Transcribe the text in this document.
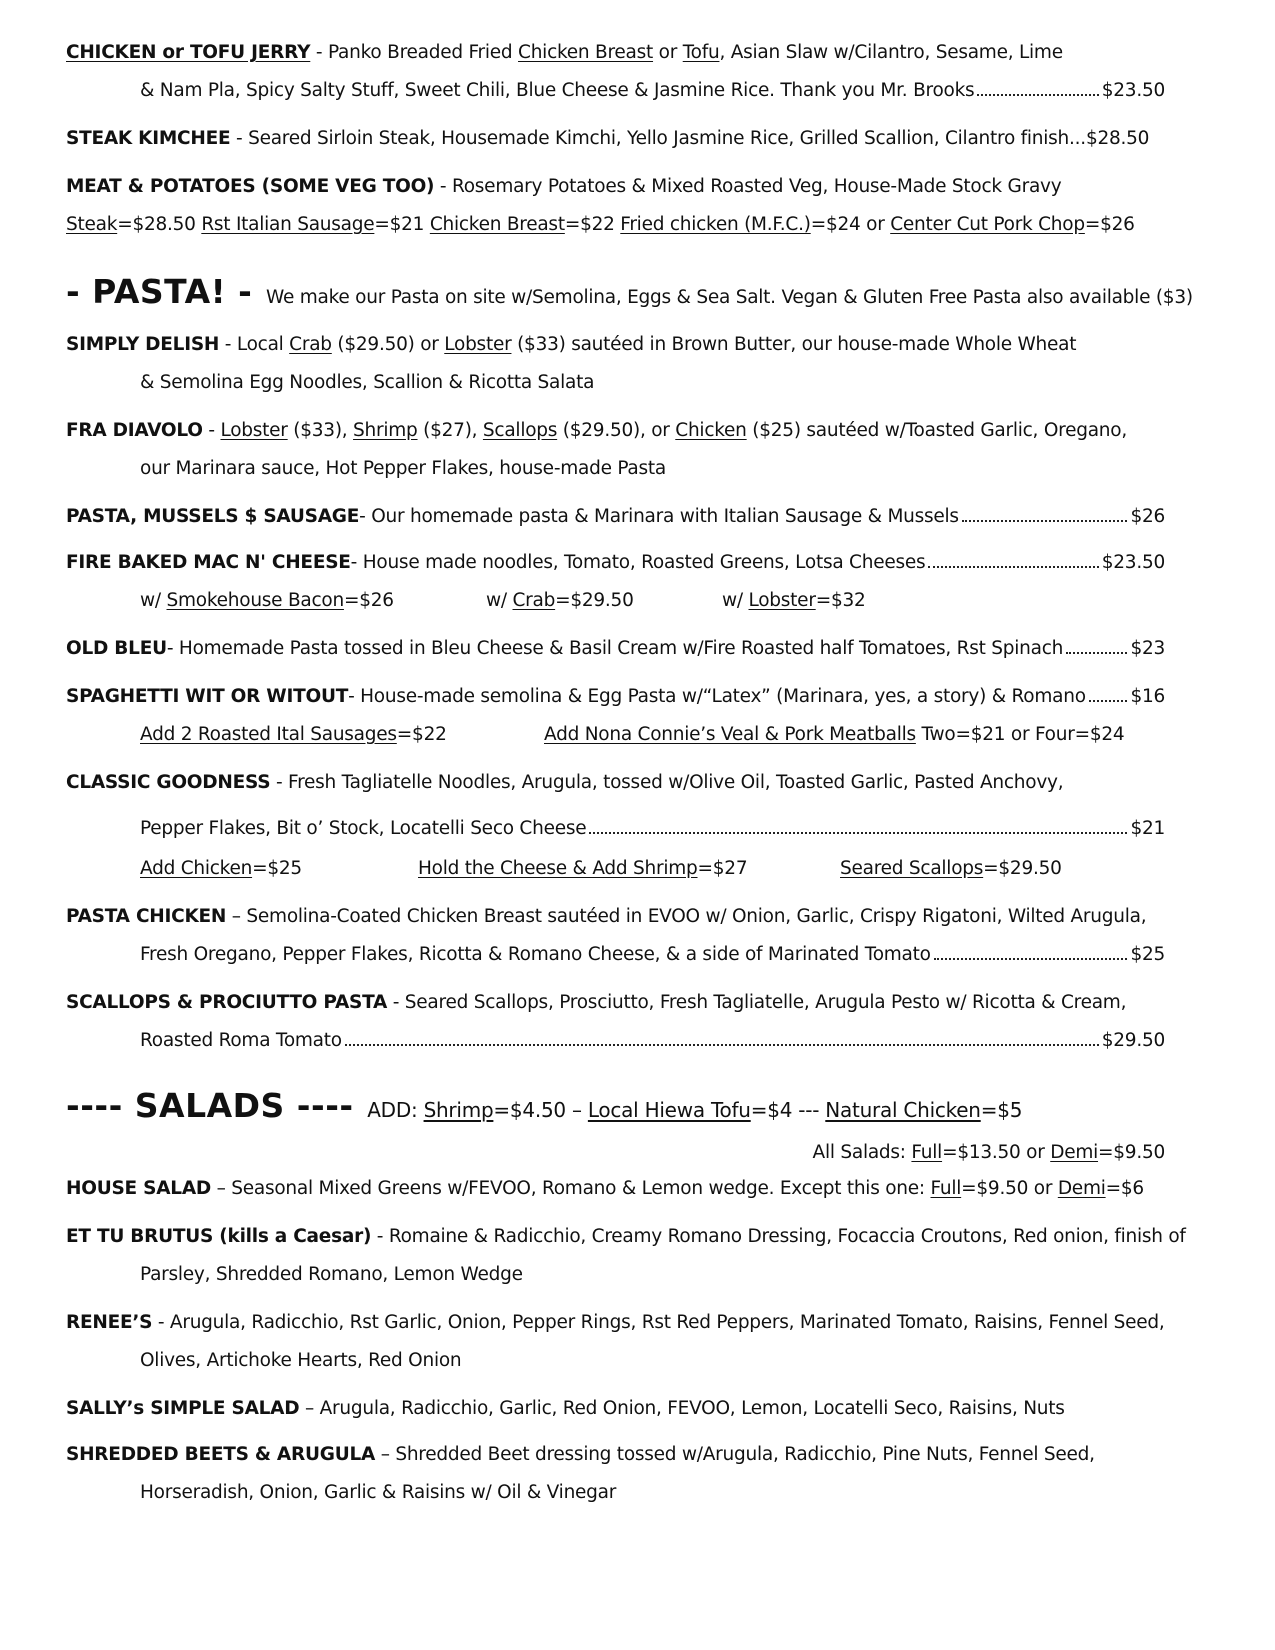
CHICKEN or TOFU JERRY - Panko Breaded Fried Chicken Breast or Tofu, Asian Slaw w/Cilantro, Sesame, Lime
& Nam Pla, Spicy Salty Stuff, Sweet Chili, Blue Cheese & Jasmine Rice. Thank you Mr. Brooks	$23.50
STEAK KIMCHEE - Seared Sirloin Steak, Housemade Kimchi, Yello Jasmine Rice, Grilled Scallion, Cilantro finish...$28.50
MEAT & POTATOES (SOME VEG TOO) - Rosemary Potatoes & Mixed Roasted Veg, House-Made Stock Gravy
Steak=$28.50 Rst Italian Sausage=$21 Chicken Breast=$22 Fried chicken (M.F.C.)=$24 or Center Cut Pork Chop=$26
- PASTA! - We make our Pasta on site w/Semolina, Eggs & Sea Salt. Vegan & Gluten Free Pasta also available ($3)
SIMPLY DELISH - Local Crab ($29.50) or Lobster ($33) sautéed in Brown Butter, our house-made Whole Wheat
& Semolina Egg Noodles, Scallion & Ricotta Salata
FRA DIAVOLO - Lobster ($33), Shrimp ($27), Scallops ($29.50), or Chicken ($25) sautéed w/Toasted Garlic, Oregano,
our Marinara sauce, Hot Pepper Flakes, house-made Pasta
PASTA, MUSSELS $ SAUSAGE - Our homemade pasta & Marinara with Italian Sausage & Mussels	$26
FIRE BAKED MAC N' CHEESE - House made noodles, Tomato, Roasted Greens, Lotsa Cheeses	$23.50
w/ Smokehouse Bacon=$26	w/ Crab=$29.50	w/ Lobster=$32
OLD BLEU - Homemade Pasta tossed in Bleu Cheese & Basil Cream w/Fire Roasted half Tomatoes, Rst Spinach	$23
SPAGHETTI WIT OR WITOUT - House-made semolina & Egg Pasta w/“Latex” (Marinara, yes, a story) & Romano $16
Add 2 Roasted Ital Sausages=$22	Add Nona Connie’s Veal & Pork Meatballs Two=$21 or Four=$24
CLASSIC GOODNESS - Fresh Tagliatelle Noodles, Arugula, tossed w/Olive Oil, Toasted Garlic, Pasted Anchovy,
Pepper Flakes, Bit o’ Stock, Locatelli Seco Cheese	$21
Add Chicken=$25	Hold the Cheese & Add Shrimp=$27	Seared Scallops=$29.50
PASTA CHICKEN – Semolina-Coated Chicken Breast sautéed in EVOO w/ Onion, Garlic, Crispy Rigatoni, Wilted Arugula,
Fresh Oregano, Pepper Flakes, Ricotta & Romano Cheese, & a side of Marinated Tomato	$25
SCALLOPS & PROCIUTTO PASTA - Seared Scallops, Prosciutto, Fresh Tagliatelle, Arugula Pesto w/ Ricotta & Cream,
Roasted Roma Tomato	$29.50
---- SALADS ---- ADD: Shrimp=$4.50 – Local Hiewa Tofu=$4 --- Natural Chicken=$5
All Salads: Full=$13.50 or Demi=$9.50
HOUSE SALAD – Seasonal Mixed Greens w/FEVOO, Romano & Lemon wedge. Except this one: Full=$9.50 or Demi=$6
ET TU BRUTUS (kills a Caesar) - Romaine & Radicchio, Creamy Romano Dressing, Focaccia Croutons, Red onion, finish of
Parsley, Shredded Romano, Lemon Wedge
RENEE’S - Arugula, Radicchio, Rst Garlic, Onion, Pepper Rings, Rst Red Peppers, Marinated Tomato, Raisins, Fennel Seed,
Olives, Artichoke Hearts, Red Onion
SALLY’s SIMPLE SALAD – Arugula, Radicchio, Garlic, Red Onion, FEVOO, Lemon, Locatelli Seco, Raisins, Nuts
SHREDDED BEETS & ARUGULA – Shredded Beet dressing tossed w/Arugula, Radicchio, Pine Nuts, Fennel Seed,
Horseradish, Onion, Garlic & Raisins w/ Oil & Vinegar
